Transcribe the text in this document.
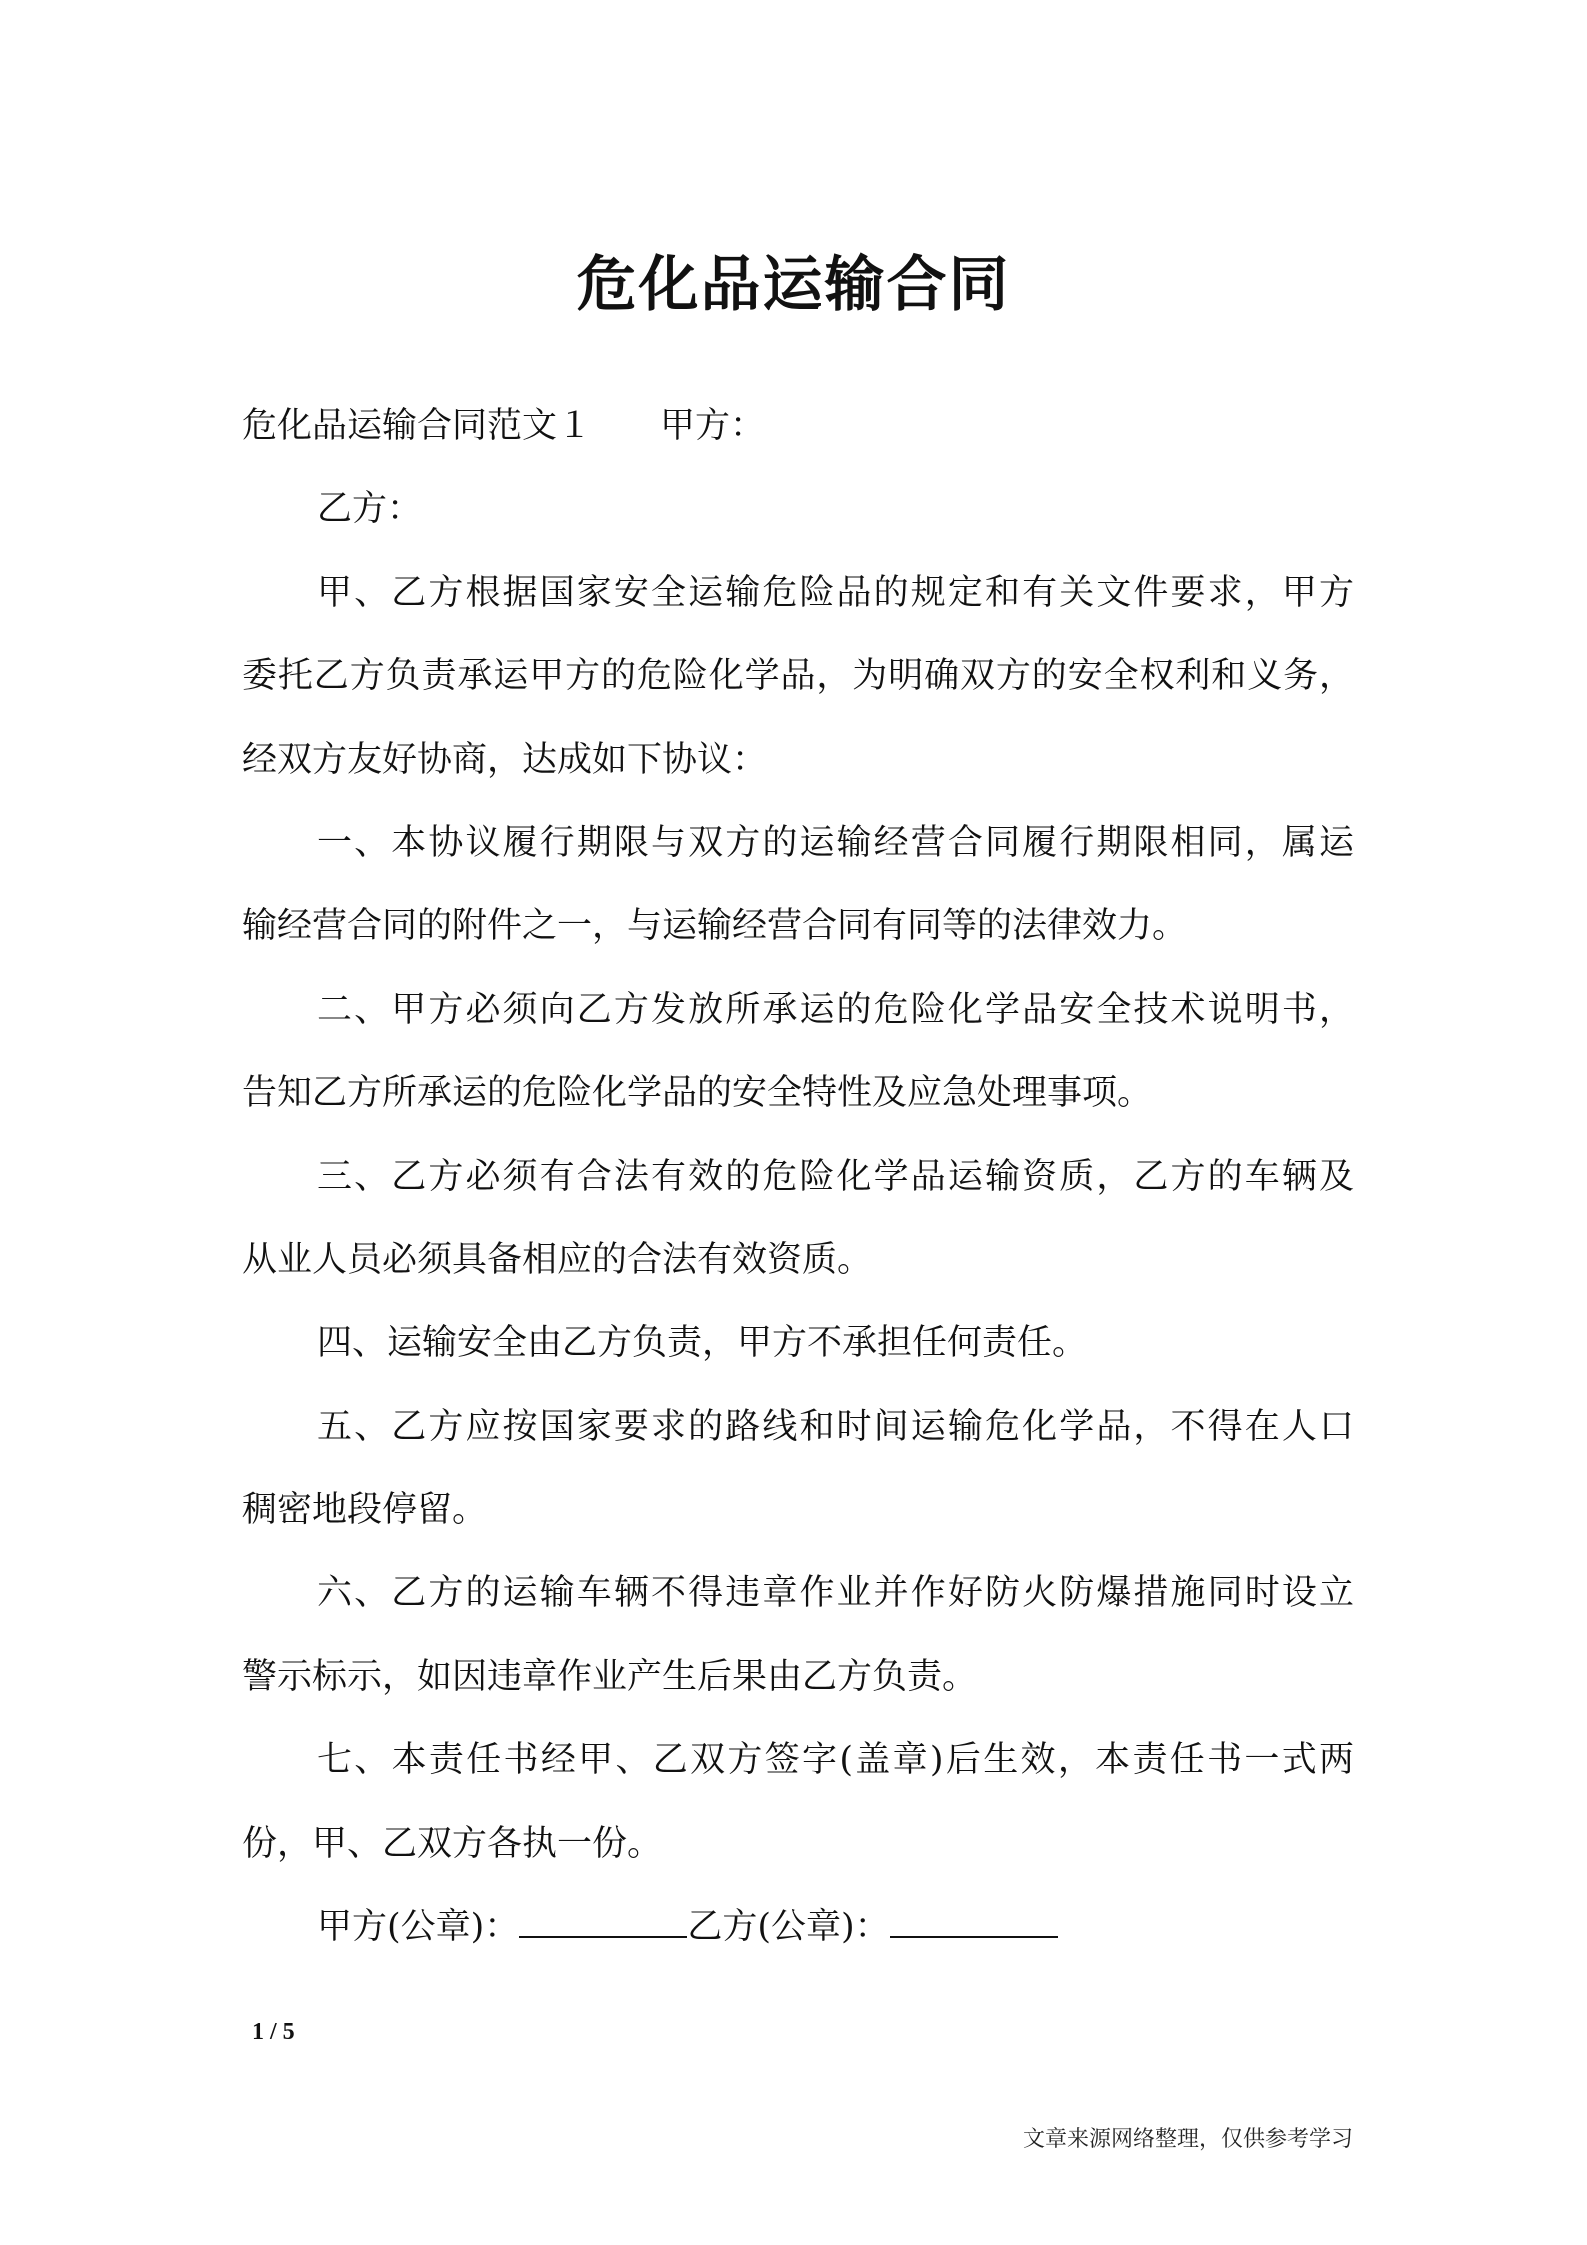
危化品运输合同
危化品运输合同范文１ 甲方：
乙方：
甲、乙方根据国家安全运输危险品的规定和有关文件要求，甲方
委托乙方负责承运甲方的危险化学品，为明确双方的安全权利和义务，
经双方友好协商，达成如下协议：
一、本协议履行期限与双方的运输经营合同履行期限相同，属运
输经营合同的附件之一，与运输经营合同有同等的法律效力。
二、甲方必须向乙方发放所承运的危险化学品安全技术说明书，
告知乙方所承运的危险化学品的安全特性及应急处理事项。
三、乙方必须有合法有效的危险化学品运输资质，乙方的车辆及
从业人员必须具备相应的合法有效资质。
四、运输安全由乙方负责，甲方不承担任何责任。
五、乙方应按国家要求的路线和时间运输危化学品，不得在人口
稠密地段停留。
六、乙方的运输车辆不得违章作业并作好防火防爆措施同时设立
警示标示，如因违章作业产生后果由乙方负责。
七、本责任书经甲、乙双方签字(盖章)后生效，本责任书一式两
份，甲、乙双方各执一份。
甲方(公章)：	乙方(公章)：
1 / 5
文章来源网络整理，仅供参考学习
